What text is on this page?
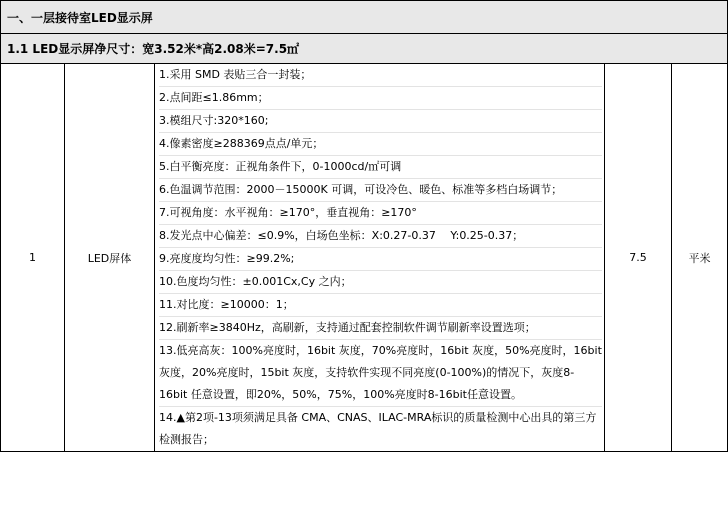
一、一层接待室LED显示屏
1.1 LED显示屏净尺寸：宽3.52米*高2.08米=7.5㎡
1	LED屏体	
1.采用 SMD 表贴三合一封装；
2.点间距≤1.86mm；
3.模组尺寸:320*160;
4.像素密度≥288369点点/单元；
5.白平衡亮度：正视角条件下，0-1000cd/㎡可调
6.色温调节范围：2000－15000K 可调，可设冷色、暖色、标准等多档白场调节；
7.可视角度：水平视角：≥170°，垂直视角：≥170°
8.发光点中心偏差：≤0.9%，白场色坐标：X:0.27-0.37　 Y:0.25-0.37；
9.亮度度均匀性：≥99.2%;
10.色度均匀性：±0.001Cx,Cy 之内；
11.对比度：≥10000：1；
12.刷新率≥3840Hz，高刷新，支持通过配套控制软件调节刷新率设置选项；
13.低亮高灰：100%亮度时，16bit 灰度，70%亮度时，16bit 灰度，50%亮度时，16bit 灰度，20%亮度时，15bit 灰度，支持软件实现不同亮度(0-100%)的情况下，灰度8-16bit 任意设置，即20%，50%，75%，100%亮度时8-16bit任意设置。
14.▲第2项-13项须满足具备 CMA、CNAS、ILAC-MRA标识的质量检测中心出具的第三方检测报告；
	7.5	平米
